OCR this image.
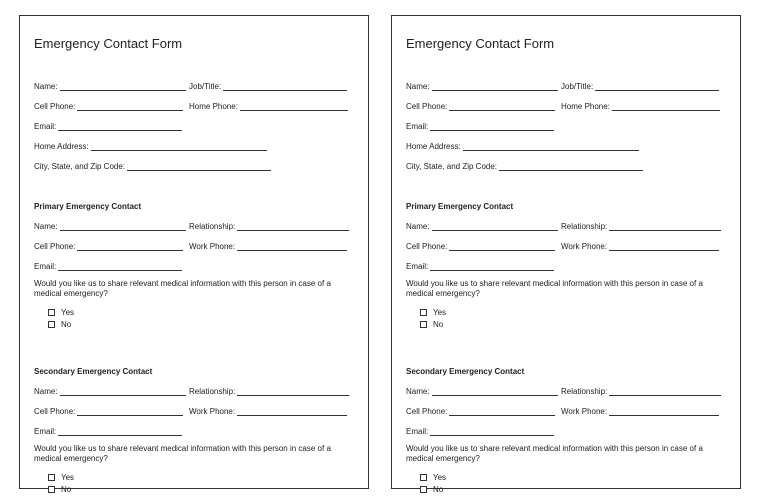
Emergency Contact Form
Name:	Job/Title:
Cell Phone:	Home Phone:
Email:
Home Address:
City, State, and Zip Code:
Primary Emergency Contact
Name:	Relationship:
Cell Phone:	Work Phone:
Email:
Would you like us to share relevant medical information with this person in case of a medical emergency?
Yes
No
Secondary Emergency Contact
Name:	Relationship:
Cell Phone:	Work Phone:
Email:
Would you like us to share relevant medical information with this person in case of a medical emergency?
Yes
No
Emergency Contact Form
Name:	Job/Title:
Cell Phone:	Home Phone:
Email:
Home Address:
City, State, and Zip Code:
Primary Emergency Contact
Name:	Relationship:
Cell Phone:	Work Phone:
Email:
Would you like us to share relevant medical information with this person in case of a medical emergency?
Yes
No
Secondary Emergency Contact
Name:	Relationship:
Cell Phone:	Work Phone:
Email:
Would you like us to share relevant medical information with this person in case of a medical emergency?
Yes
No
